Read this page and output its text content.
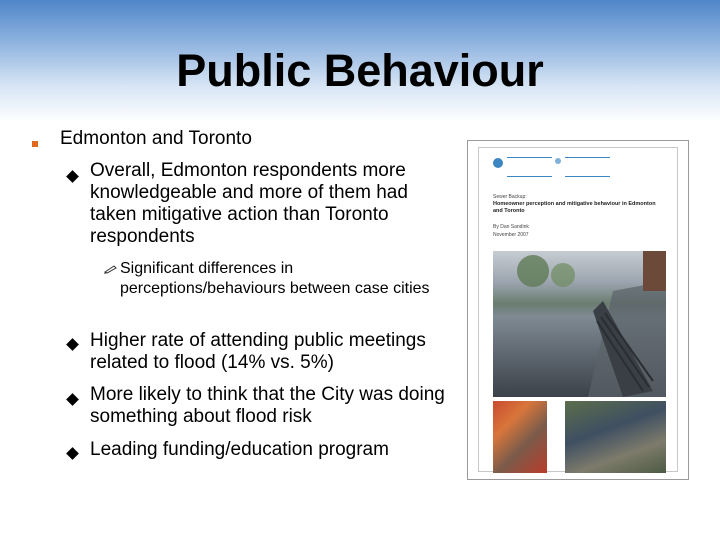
Public Behaviour
Edmonton and Toronto
Overall, Edmonton respondents more knowledgeable and more of them had taken mitigative action than Toronto respondents
Significant differences in perceptions/behaviours between case cities
Higher rate of attending public meetings related to flood (14% vs. 5%)
More likely to think that the City was doing something about flood risk
Leading funding/education program
Sewer Backup:
Homeowner perception and mitigative behaviour in Edmonton and Toronto
By Dan Sandink
November 2007
